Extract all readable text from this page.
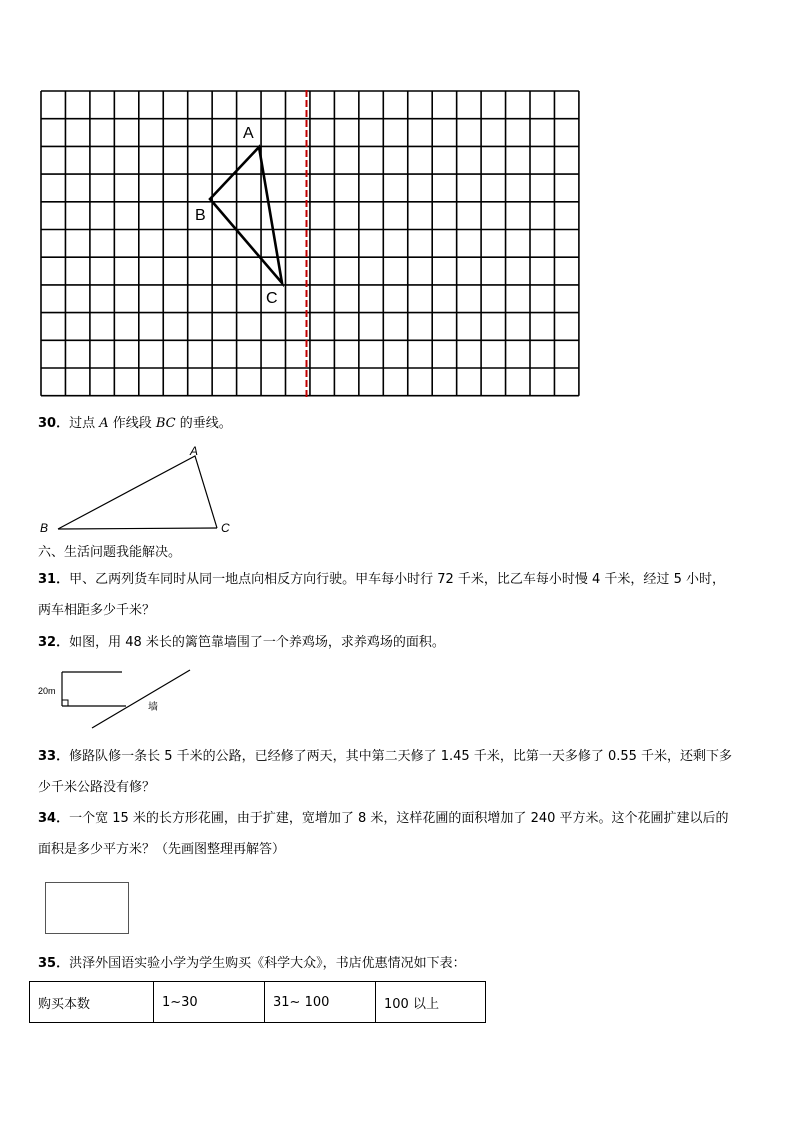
A
B
C
30．过点 A 作线段 BC 的垂线。
A
B	C
六、生活问题我能解决。
31．甲、乙两列货车同时从同一地点向相反方向行驶。甲车每小时行 72 千米，比乙车每小时慢 4 千米，经过 5 小时，
两车相距多少千米？
32．如图，用 48 米长的篱笆靠墙围了一个养鸡场，求养鸡场的面积。
20m
墙
33．修路队修一条长 5 千米的公路，已经修了两天，其中第二天修了 1.45 千米，比第一天多修了 0.55 千米，还剩下多
少千米公路没有修？
34．一个宽 15 米的长方形花圃，由于扩建，宽增加了 8 米，这样花圃的面积增加了 240 平方米。这个花圃扩建以后的
面积是多少平方米？（先画图整理再解答）
35．洪泽外国语实验小学为学生购买《科学大众》，书店优惠情况如下表：
购买本数	1~30	31~ 100	100 以上
